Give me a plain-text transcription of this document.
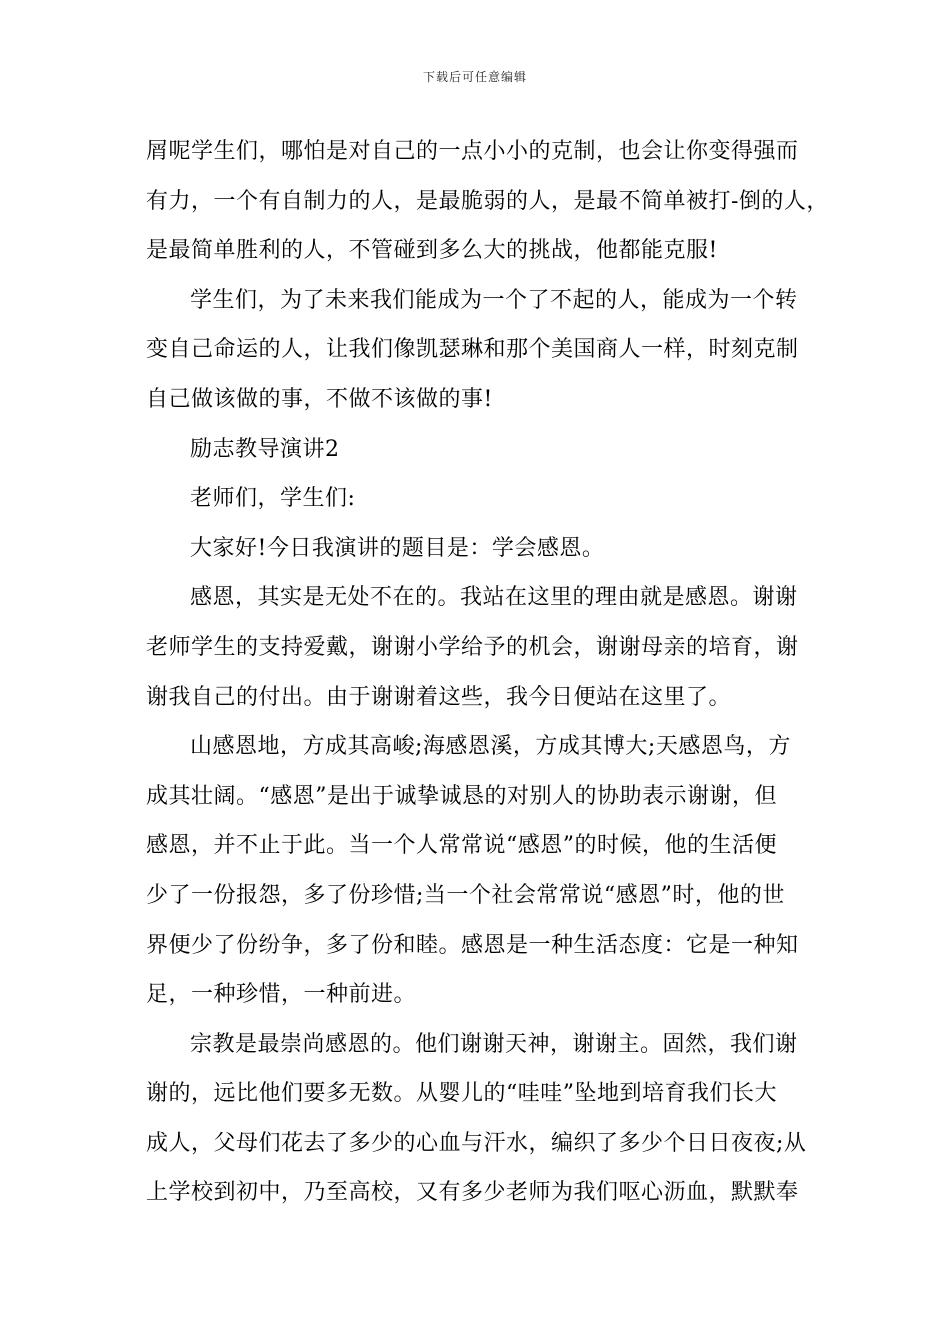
下载后可任意编辑

屑呢学生们，哪怕是对自己的一点小小的克制，也会让你变得强而

有力，一个有自制力的人，是最脆弱的人，是最不简单被打-倒的人，

是最简单胜利的人，不管碰到多么大的挑战，他都能克服!

学生们，为了未来我们能成为一个了不起的人，能成为一个转

变自己命运的人，让我们像凯瑟琳和那个美国商人一样，时刻克制

自己做该做的事，不做不该做的事!

励志教导演讲2

老师们，学生们:

大家好!今日我演讲的题目是：学会感恩。

感恩，其实是无处不在的。我站在这里的理由就是感恩。谢谢

老师学生的支持爱戴，谢谢小学给予的机会，谢谢母亲的培育，谢

谢我自己的付出。由于谢谢着这些，我今日便站在这里了。

山感恩地，方成其高峻;海感恩溪，方成其博大;天感恩鸟，方

成其壮阔。“感恩”是出于诚挚诚恳的对别人的协助表示谢谢，但

感恩，并不止于此。当一个人常常说“感恩”的时候，他的生活便

少了一份报怨，多了份珍惜;当一个社会常常说“感恩”时，他的世

界便少了份纷争，多了份和睦。感恩是一种生活态度：它是一种知

足，一种珍惜，一种前进。

宗教是最崇尚感恩的。他们谢谢天神，谢谢主。固然，我们谢

谢的，远比他们要多无数。从婴儿的“哇哇”坠地到培育我们长大

成人，父母们花去了多少的心血与汗水，编织了多少个日日夜夜;从

上学校到初中，乃至高校，又有多少老师为我们呕心沥血，默默奉
